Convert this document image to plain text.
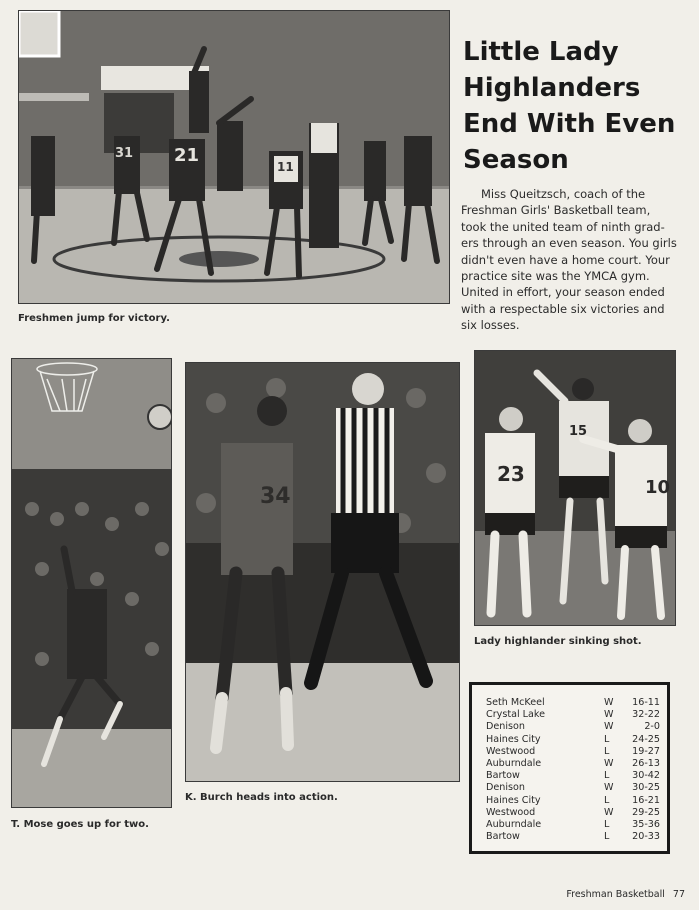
31 21
11
Freshmen jump for victory.
Little Lady
Highlanders
End With Even
Season
Miss Queitzsch, coach of the
Freshman Girls' Basketball team,
took the united team of ninth grad-
ers through an even season. You girls
didn't even have a home court. Your
practice site was the YMCA gym.
United in effort, your season ended
with a respectable six victories and
six losses.
T. Mose goes up for two.
34
K. Burch heads into action.
15
23
10
Lady highlander sinking shot.
Seth McKeel	W 16-11
Crystal Lake	W 32-22
Denison	W	2-0
Haines City	L 24-25
Westwood	L 19-27
Auburndale	W 26-13
Bartow	L 30-42
Denison	W 30-25
Haines City	L 16-21
Westwood	W 29-25
Auburndale	L 35-36
Bartow	L 20-33
Freshman Basketball 77
